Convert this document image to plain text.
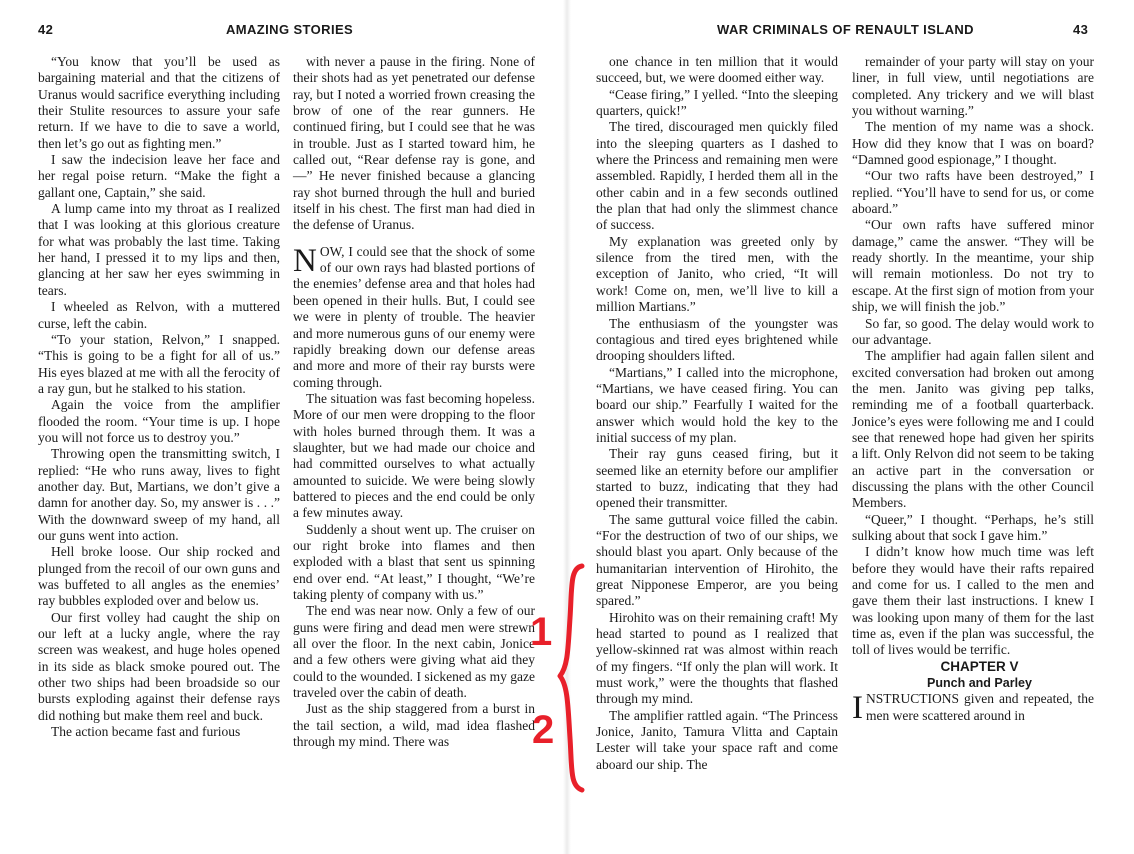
42	AMAZING STORIES

“You know that you’ll be used as bargaining material and that the citizens of Uranus would sacrifice everything including their Stulite resources to assure your safe return. If we have to die to save a world, then let’s go out as fighting men.”

I saw the indecision leave her face and her regal poise return. “Make the fight a gallant one, Captain,” she said.

A lump came into my throat as I realized that I was looking at this glorious creature for what was probably the last time. Taking her hand, I pressed it to my lips and then, glancing at her saw her eyes swimming in tears.

I wheeled as Relvon, with a muttered curse, left the cabin.

“To your station, Relvon,” I snapped. “This is going to be a fight for all of us.” His eyes blazed at me with all the ferocity of a ray gun, but he stalked to his station.

Again the voice from the amplifier flooded the room. “Your time is up. I hope you will not force us to destroy you.”

Throwing open the transmitting switch, I replied: “He who runs away, lives to fight another day. But, Martians, we don’t give a damn for another day. So, my answer is . . .” With the downward sweep of my hand, all our guns went into action.

Hell broke loose. Our ship rocked and plunged from the recoil of our own guns and was buffeted to all angles as the enemies’ ray bubbles exploded over and below us.

Our first volley had caught the ship on our left at a lucky angle, where the ray screen was weakest, and huge holes opened in its side as black smoke poured out. The other two ships had been broadside so our bursts exploding against their defense rays did nothing but make them reel and buck.

The action became fast and furious

with never a pause in the firing. None of their shots had as yet penetrated our defense ray, but I noted a worried frown creasing the brow of one of the rear gunners. He continued firing, but I could see that he was in trouble. Just as I started toward him, he called out, “Rear defense ray is gone, and—” He never finished because a glancing ray shot burned through the hull and buried itself in his chest. The first man had died in the defense of Uranus.

NOW, I could see that the shock of some of our own rays had blasted portions of the enemies’ defense area and that holes had been opened in their hulls. But, I could see we were in plenty of trouble. The heavier and more numerous guns of our enemy were rapidly breaking down our defense areas and more and more of their ray bursts were coming through.

The situation was fast becoming hopeless. More of our men were dropping to the floor with holes burned through them. It was a slaughter, but we had made our choice and had committed ourselves to what actually amounted to suicide. We were being slowly battered to pieces and the end could be only a few minutes away.

Suddenly a shout went up. The cruiser on our right broke into flames and then exploded with a blast that sent us spinning end over end. “At least,” I thought, “We’re taking plenty of company with us.”

The end was near now. Only a few of our guns were firing and dead men were strewn all over the floor. In the next cabin, Jonice and a few others were giving what aid they could to the wounded. I sickened as my gaze traveled over the cabin of death.

Just as the ship staggered from a burst in the tail section, a wild, mad idea flashed through my mind. There was

WAR CRIMINALS OF RENAULT ISLAND	43

one chance in ten million that it would succeed, but, we were doomed either way.

“Cease firing,” I yelled. “Into the sleeping quarters, quick!”

The tired, discouraged men quickly filed into the sleeping quarters as I dashed to where the Princess and remaining men were assembled. Rapidly, I herded them all in the other cabin and in a few seconds outlined the plan that had only the slimmest chance of success.

My explanation was greeted only by silence from the tired men, with the exception of Janito, who cried, “It will work! Come on, men, we’ll live to kill a million Martians.”

The enthusiasm of the youngster was contagious and tired eyes brightened while drooping shoulders lifted.

“Martians,” I called into the microphone, “Martians, we have ceased firing. You can board our ship.” Fearfully I waited for the answer which would hold the key to the initial success of my plan.

Their ray guns ceased firing, but it seemed like an eternity before our amplifier started to buzz, indicating that they had opened their transmitter.

The same guttural voice filled the cabin. “For the destruction of two of our ships, we should blast you apart. Only because of the humanitarian intervention of Hirohito, the great Nipponese Emperor, are you being spared.”

Hirohito was on their remaining craft! My head started to pound as I realized that yellow-skinned rat was almost within reach of my fingers. “If only the plan will work. It must work,” were the thoughts that flashed through my mind.

The amplifier rattled again. “The Princess Jonice, Janito, Tamura Vlitta and Captain Lester will take your space raft and come aboard our ship. The

remainder of your party will stay on your liner, in full view, until negotiations are completed. Any trickery and we will blast you without warning.”

The mention of my name was a shock. How did they know that I was on board? “Damned good espionage,” I thought.

“Our two rafts have been destroyed,” I replied. “You’ll have to send for us, or come aboard.”

“Our own rafts have suffered minor damage,” came the answer. “They will be ready shortly. In the meantime, your ship will remain motionless. Do not try to escape. At the first sign of motion from your ship, we will finish the job.”

So far, so good. The delay would work to our advantage.

The amplifier had again fallen silent and excited conversation had broken out among the men. Janito was giving pep talks, reminding me of a football quarterback. Jonice’s eyes were following me and I could see that renewed hope had given her spirits a lift. Only Relvon did not seem to be taking an active part in the conversation or discussing the plans with the other Council Members.

“Queer,” I thought. “Perhaps, he’s still sulking about that sock I gave him.”

I didn’t know how much time was left before they would have their rafts repaired and come for us. I called to the men and gave them their last instructions. I knew I was looking upon many of them for the last time as, even if the plan was successful, the toll of lives would be terrific.

CHAPTER V

Punch and Parley

INSTRUCTIONS given and repeated, the men were scattered around in

1
2
